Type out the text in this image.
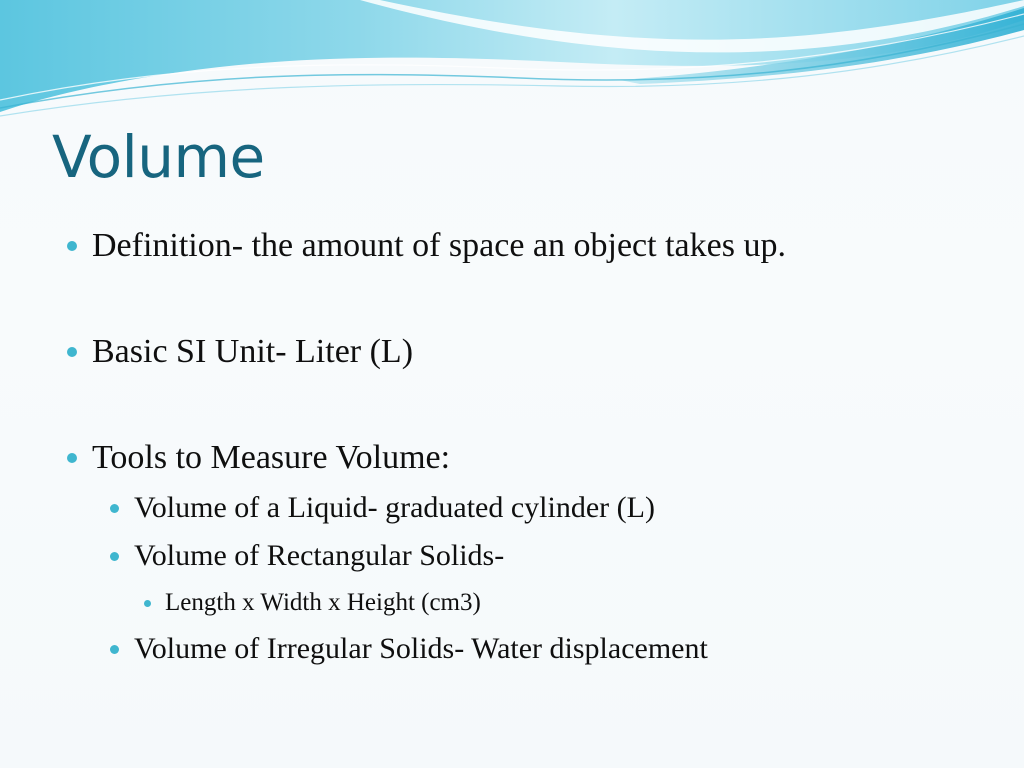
Volume
Definition- the amount of space an object takes up.
Basic SI Unit- Liter (L)
Tools to Measure Volume:
Volume of a Liquid- graduated cylinder (L)
Volume of Rectangular Solids-
Length x Width x Height (cm3)
Volume of Irregular Solids- Water displacement
